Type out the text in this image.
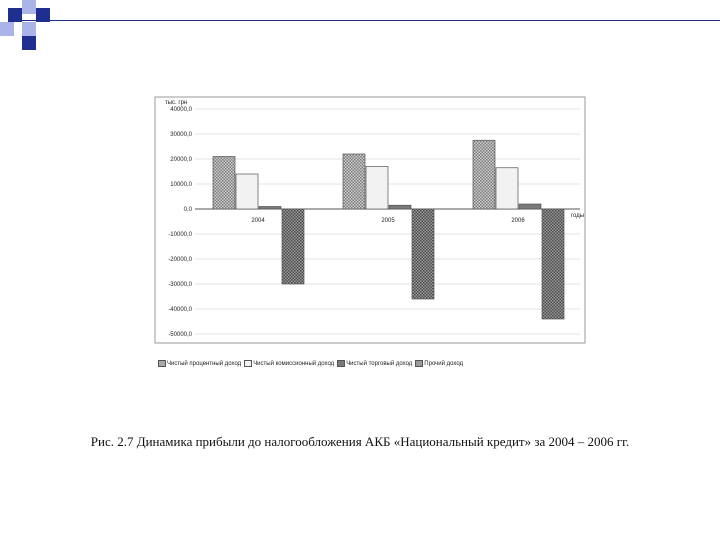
40000,0
30000,0
20000,0
10000,0
0,0
-10000,0
-20000,0
-30000,0
-40000,0
-50000,0
2004	2005	2006
тыс. грн
годы
Чистый процентный доход Чистый комиссионный доход Чистый торговый доход Прочий доход
Рис. 2.7 Динамика прибыли до налогообложения АКБ «Национальный кредит» за 2004 – 2006 гг.
